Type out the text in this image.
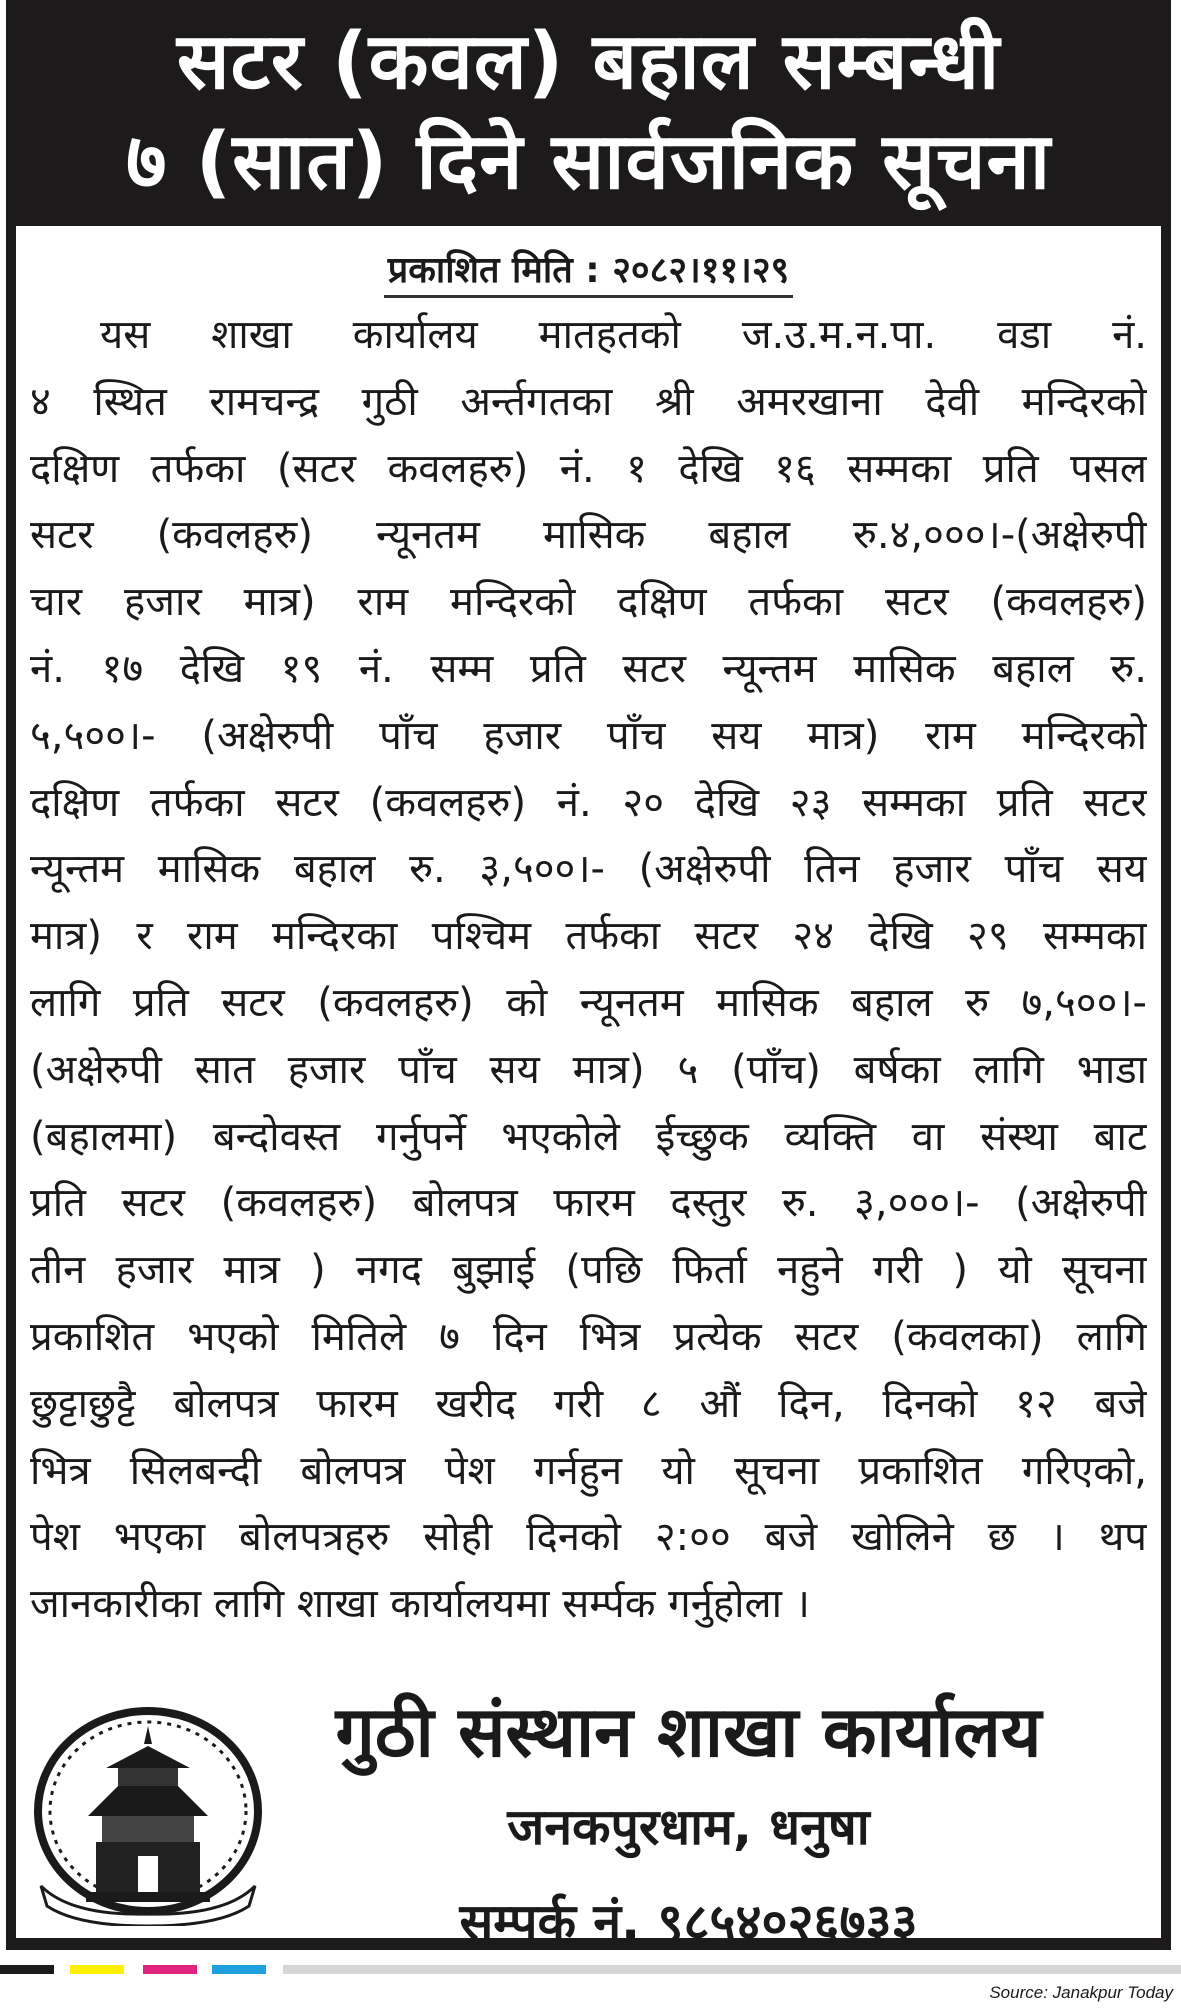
सटर (कवल) बहाल सम्बन्धी
७ (सात) दिने सार्वजनिक सूचना
प्रकाशित मिति : २०८२।११।२९
यस शाखा कार्यालय मातहतको ज.उ.म.न.पा. वडा नं.
४ स्थित रामचन्द्र गुठी अर्न्तगतका श्री अमरखाना देवी मन्दिरको
दक्षिण तर्फका (सटर कवलहरु) नं. १ देखि १६ सम्मका प्रति पसल
सटर (कवलहरु) न्यूनतम मासिक बहाल रु.४,०००।-(अक्षेरुपी
चार हजार मात्र) राम मन्दिरको दक्षिण तर्फका सटर (कवलहरु)
नं. १७ देखि १९ नं. सम्म प्रति सटर न्यून्तम मासिक बहाल रु.
५,५००।- (अक्षेरुपी पाँच हजार पाँच सय मात्र) राम मन्दिरको
दक्षिण तर्फका सटर (कवलहरु) नं. २० देखि २३ सम्मका प्रति सटर
न्यून्तम मासिक बहाल रु. ३,५००।- (अक्षेरुपी तिन हजार पाँच सय
मात्र) र राम मन्दिरका पश्चिम तर्फका सटर २४ देखि २९ सम्मका
लागि प्रति सटर (कवलहरु) को न्यूनतम मासिक बहाल रु ७,५००।-
(अक्षेरुपी सात हजार पाँच सय मात्र) ५ (पाँच) बर्षका लागि भाडा
(बहालमा) बन्दोवस्त गर्नुपर्ने भएकोले ईच्छुक व्यक्ति वा संस्था बाट
प्रति सटर (कवलहरु) बोलपत्र फारम दस्तुर रु. ३,०००।- (अक्षेरुपी
तीन हजार मात्र ) नगद बुझाई (पछि फिर्ता नहुने गरी ) यो सूचना
प्रकाशित भएको मितिले ७ दिन भित्र प्रत्येक सटर (कवलका) लागि
छुट्टाछुट्टै बोलपत्र फारम खरीद गरी ८ औं दिन, दिनको १२ बजे
भित्र सिलबन्दी बोलपत्र पेश गर्नहुन यो सूचना प्रकाशित गरिएको,
पेश भएका बोलपत्रहरु सोही दिनको २:०० बजे खोलिने छ । थप
जानकारीका लागि शाखा कार्यालयमा सर्म्पक गर्नुहोला ।
गुठी संस्थान शाखा कार्यालय
जनकपुरधाम, धनुषा
सम्पर्क नं. ९८५४०२६७३३
Source: Janakpur Today
